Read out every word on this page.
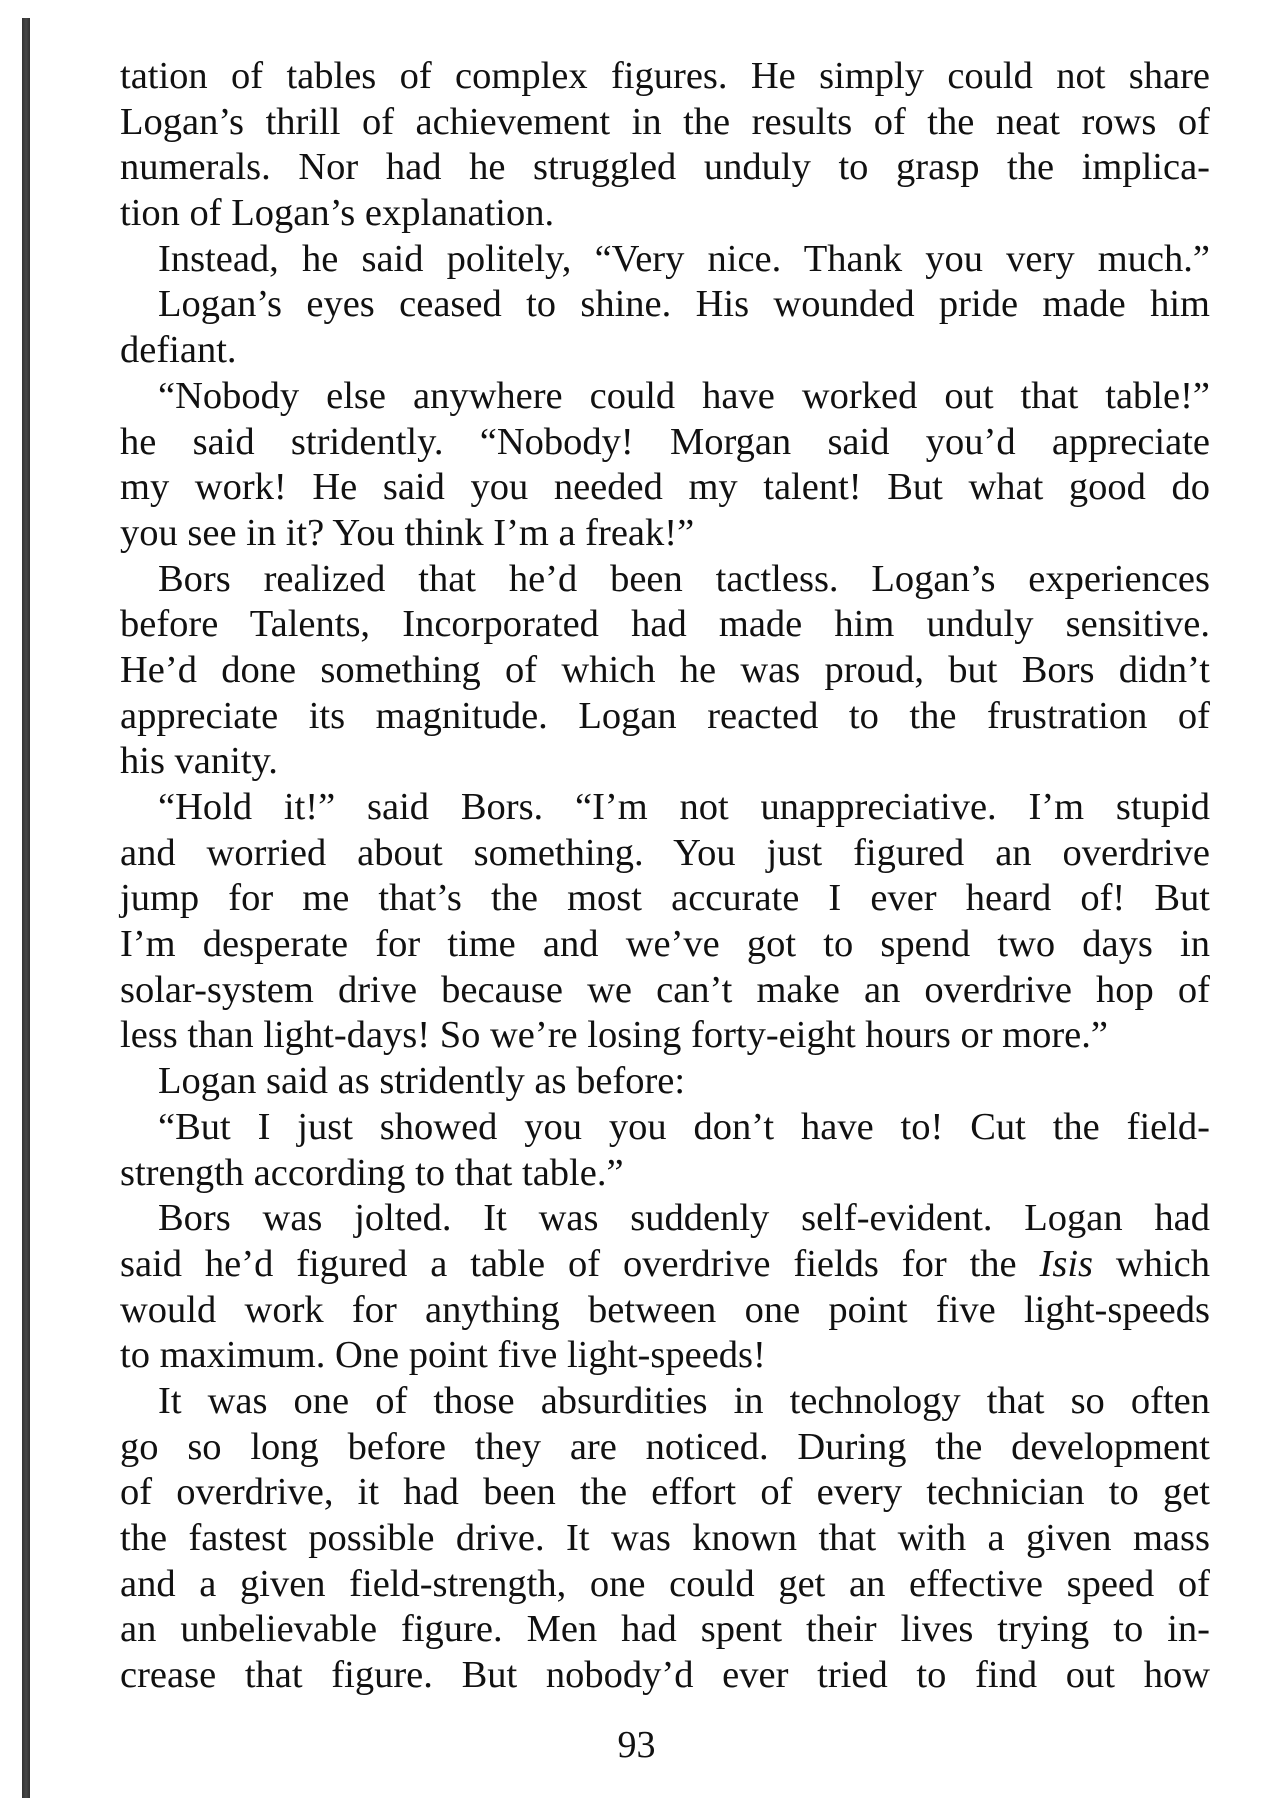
tation of tables of complex figures. He simply could not share
Logan’s thrill of achievement in the results of the neat rows of
numerals. Nor had he struggled unduly to grasp the implica-
tion of Logan’s explanation.
Instead, he said politely, “Very nice. Thank you very much.”
Logan’s eyes ceased to shine. His wounded pride made him
defiant.
“Nobody else anywhere could have worked out that table!”
he said stridently. “Nobody! Morgan said you’d appreciate
my work! He said you needed my talent! But what good do
you see in it? You think I’m a freak!”
Bors realized that he’d been tactless. Logan’s experiences
before Talents, Incorporated had made him unduly sensitive.
He’d done something of which he was proud, but Bors didn’t
appreciate its magnitude. Logan reacted to the frustration of
his vanity.
“Hold it!” said Bors. “I’m not unappreciative. I’m stupid
and worried about something. You just figured an overdrive
jump for me that’s the most accurate I ever heard of! But
I’m desperate for time and we’ve got to spend two days in
solar-system drive because we can’t make an overdrive hop of
less than light-days! So we’re losing forty-eight hours or more.”
Logan said as stridently as before:
“But I just showed you you don’t have to! Cut the field-
strength according to that table.”
Bors was jolted. It was suddenly self-evident. Logan had
said he’d figured a table of overdrive fields for the Isis which
would work for anything between one point five light-speeds
to maximum. One point five light-speeds!
It was one of those absurdities in technology that so often
go so long before they are noticed. During the development
of overdrive, it had been the effort of every technician to get
the fastest possible drive. It was known that with a given mass
and a given field-strength, one could get an effective speed of
an unbelievable figure. Men had spent their lives trying to in-
crease that figure. But nobody’d ever tried to find out how
93
